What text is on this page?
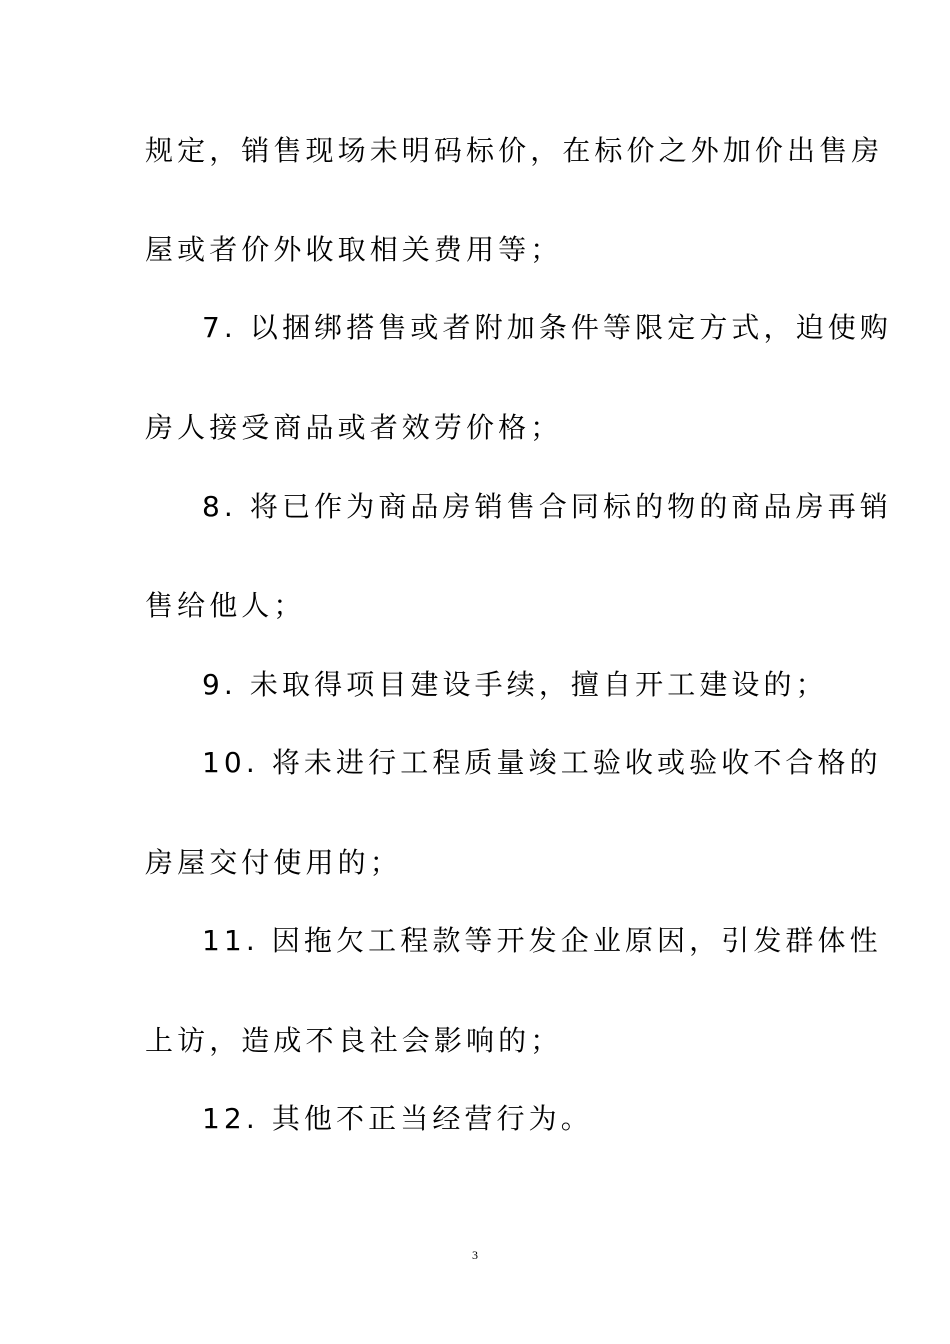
规定，销售现场未明码标价，在标价之外加价出售房
屋或者价外收取相关费用等；
7. 以捆绑搭售或者附加条件等限定方式，迫使购
房人接受商品或者效劳价格；
8. 将已作为商品房销售合同标的物的商品房再销
售给他人；
9. 未取得项目建设手续，擅自开工建设的；
10. 将未进行工程质量竣工验收或验收不合格的
房屋交付使用的；
11. 因拖欠工程款等开发企业原因，引发群体性
上访，造成不良社会影响的；
12. 其他不正当经营行为。
3
